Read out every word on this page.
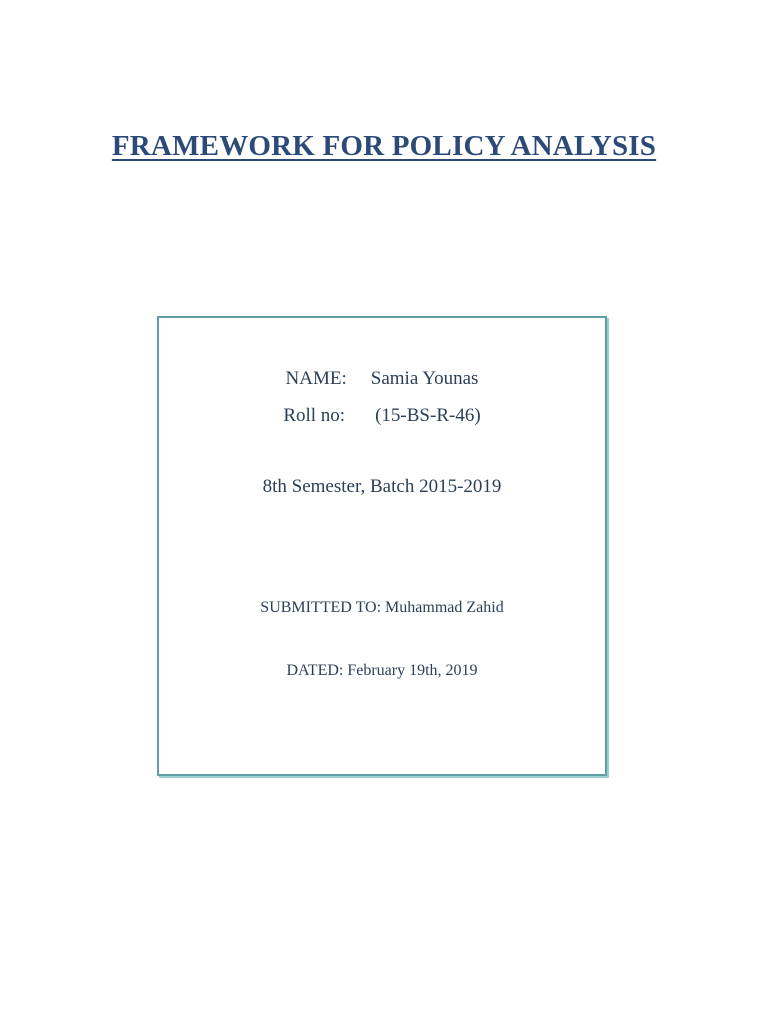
FRAMEWORK FOR POLICY ANALYSIS
NAME: Samia Younas
Roll no: (15-BS-R-46)
8th Semester, Batch 2015-2019
SUBMITTED TO: Muhammad Zahid
DATED: February 19th, 2019
